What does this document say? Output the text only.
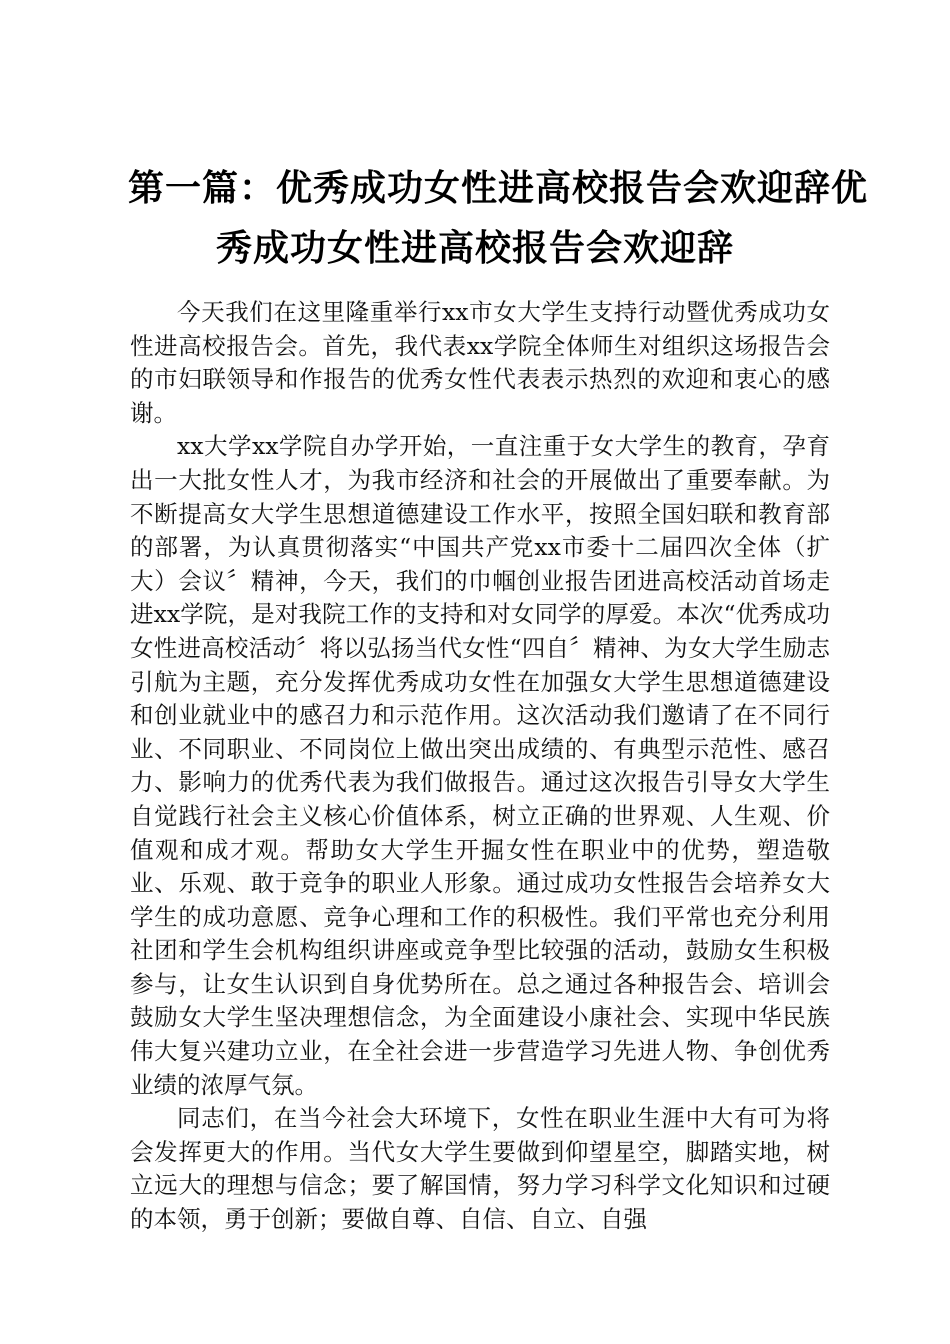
第一篇：优秀成功女性进高校报告会欢迎辞优
秀成功女性进高校报告会欢迎辞

今天我们在这里隆重举行xx市女大学生支持行动暨优秀成功女性进高校报告会。首先，我代表xx学院全体师生对组织这场报告会的市妇联领导和作报告的优秀女性代表表示热烈的欢迎和衷心的感谢。

xx大学xx学院自办学开始，一直注重于女大学生的教育，孕育出一大批女性人才，为我市经济和社会的开展做出了重要奉献。为不断提高女大学生思想道德建设工作水平，按照全国妇联和教育部的部署，为认真贯彻落实“中国共产党xx市委十二届四次全体（扩大）会议〞精神，今天，我们的巾帼创业报告团进高校活动首场走进xx学院，是对我院工作的支持和对女同学的厚爱。本次“优秀成功女性进高校活动〞将以弘扬当代女性“四自〞精神、为女大学生励志引航为主题，充分发挥优秀成功女性在加强女大学生思想道德建设和创业就业中的感召力和示范作用。这次活动我们邀请了在不同行业、不同职业、不同岗位上做出突出成绩的、有典型示范性、感召力、影响力的优秀代表为我们做报告。通过这次报告引导女大学生自觉践行社会主义核心价值体系，树立正确的世界观、人生观、价值观和成才观。帮助女大学生开掘女性在职业中的优势，塑造敬业、乐观、敢于竞争的职业人形象。通过成功女性报告会培养女大学生的成功意愿、竞争心理和工作的积极性。我们平常也充分利用社团和学生会机构组织讲座或竞争型比较强的活动，鼓励女生积极参与，让女生认识到自身优势所在。总之通过各种报告会、培训会鼓励女大学生坚决理想信念，为全面建设小康社会、实现中华民族伟大复兴建功立业，在全社会进一步营造学习先进人物、争创优秀业绩的浓厚气氛。

同志们，在当今社会大环境下，女性在职业生涯中大有可为将会发挥更大的作用。当代女大学生要做到仰望星空，脚踏实地，树立远大的理想与信念；要了解国情，努力学习科学文化知识和过硬的本领，勇于创新；要做自尊、自信、自立、自强
